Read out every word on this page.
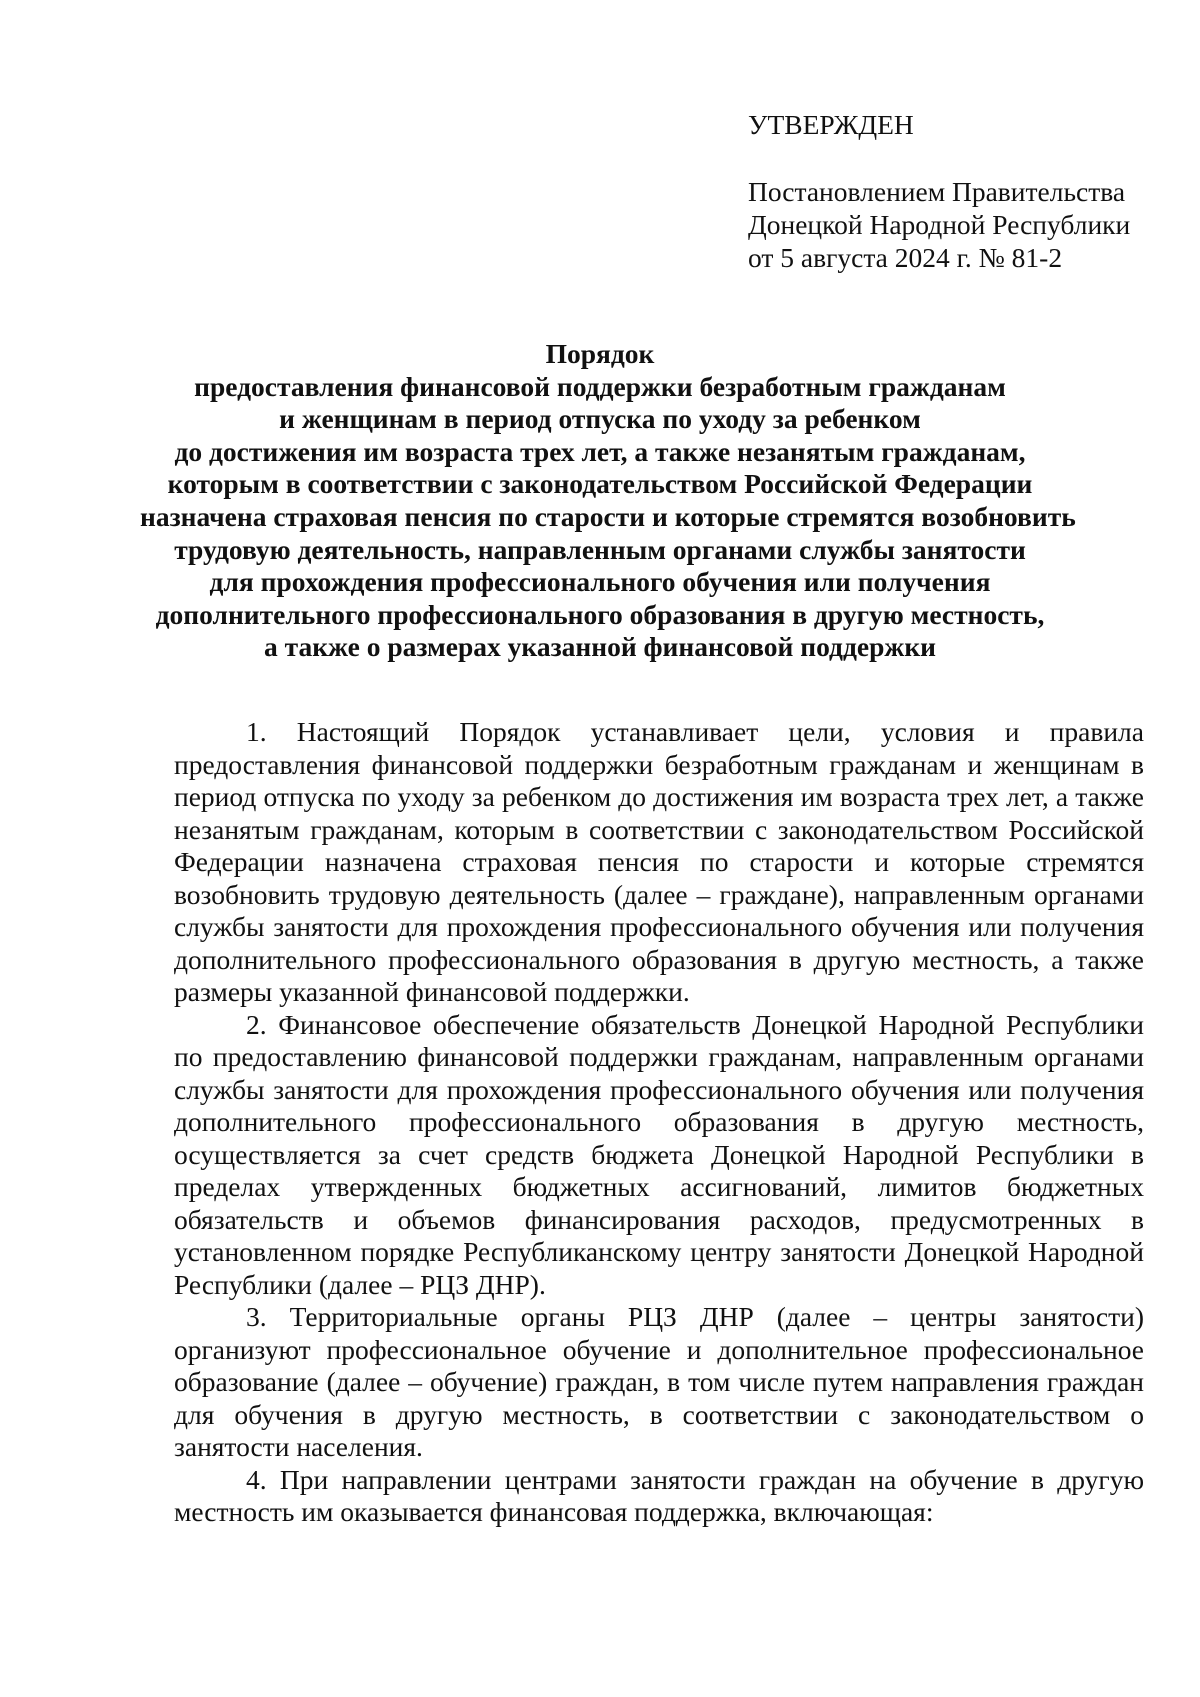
УТВЕРЖДЕН

Постановлением Правительства

Донецкой Народной Республики

от 5 августа 2024 г. № 81-2

Порядок

предоставления финансовой поддержки безработным гражданам

и женщинам в период отпуска по уходу за ребенком

до достижения им возраста трех лет, а также незанятым гражданам,

которым в соответствии с законодательством Российской Федерации

назначена страховая пенсия по старости и которые стремятся возобновить

трудовую деятельность, направленным органами службы занятости

для прохождения профессионального обучения или получения

дополнительного профессионального образования в другую местность,

а также о размерах указанной финансовой поддержки

1. Настоящий Порядок устанавливает цели, условия и правила предоставления финансовой поддержки безработным гражданам и женщинам в период отпуска по уходу за ребенком до достижения им возраста трех лет, а также незанятым гражданам, которым в соответствии с законодательством Российской Федерации назначена страховая пенсия по старости и которые стремятся возобновить трудовую деятельность (далее – граждане), направленным органами службы занятости для прохождения профессионального обучения или получения дополнительного профессионального образования в другую местность, а также размеры указанной финансовой поддержки.

2. Финансовое обеспечение обязательств Донецкой Народной Республики по предоставлению финансовой поддержки гражданам, направленным органами службы занятости для прохождения профессионального обучения или получения дополнительного профессионального образования в другую местность, осуществляется за счет средств бюджета Донецкой Народной Республики в пределах утвержденных бюджетных ассигнований, лимитов бюджетных обязательств и объемов финансирования расходов, предусмотренных в установленном порядке Республиканскому центру занятости Донецкой Народной Республики (далее – РЦЗ ДНР).

3. Территориальные органы РЦЗ ДНР (далее – центры занятости) организуют профессиональное обучение и дополнительное профессиональное образование (далее – обучение) граждан, в том числе путем направления граждан для обучения в другую местность, в соответствии с законодательством о занятости населения.

4. При направлении центрами занятости граждан на обучение в другую местность им оказывается финансовая поддержка, включающая:
